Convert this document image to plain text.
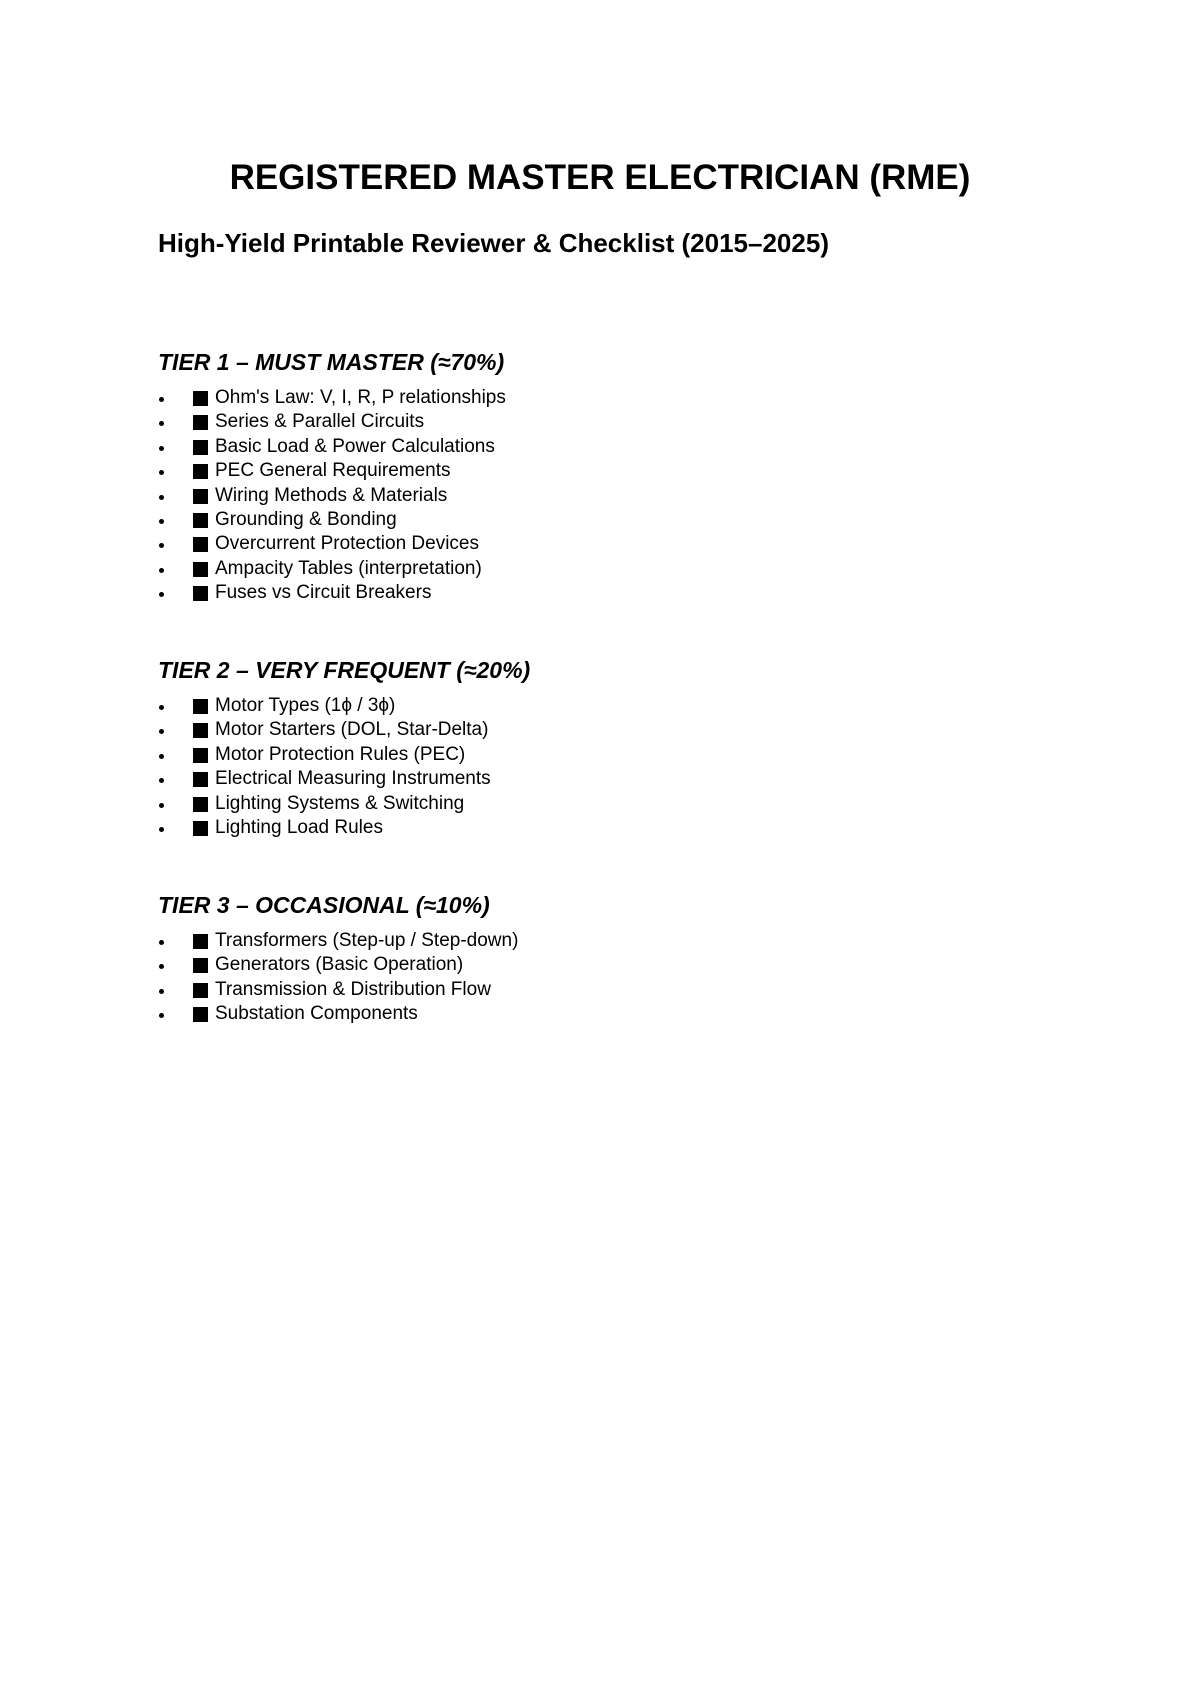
REGISTERED MASTER ELECTRICIAN (RME)
High-Yield Printable Reviewer & Checklist (2015–2025)
TIER 1 – MUST MASTER (≈70%)
Ohm's Law: V, I, R, P relationships
Series & Parallel Circuits
Basic Load & Power Calculations
PEC General Requirements
Wiring Methods & Materials
Grounding & Bonding
Overcurrent Protection Devices
Ampacity Tables (interpretation)
Fuses vs Circuit Breakers
TIER 2 – VERY FREQUENT (≈20%)
Motor Types (1ϕ / 3ϕ)
Motor Starters (DOL, Star-Delta)
Motor Protection Rules (PEC)
Electrical Measuring Instruments
Lighting Systems & Switching
Lighting Load Rules
TIER 3 – OCCASIONAL (≈10%)
Transformers (Step-up / Step-down)
Generators (Basic Operation)
Transmission & Distribution Flow
Substation Components
